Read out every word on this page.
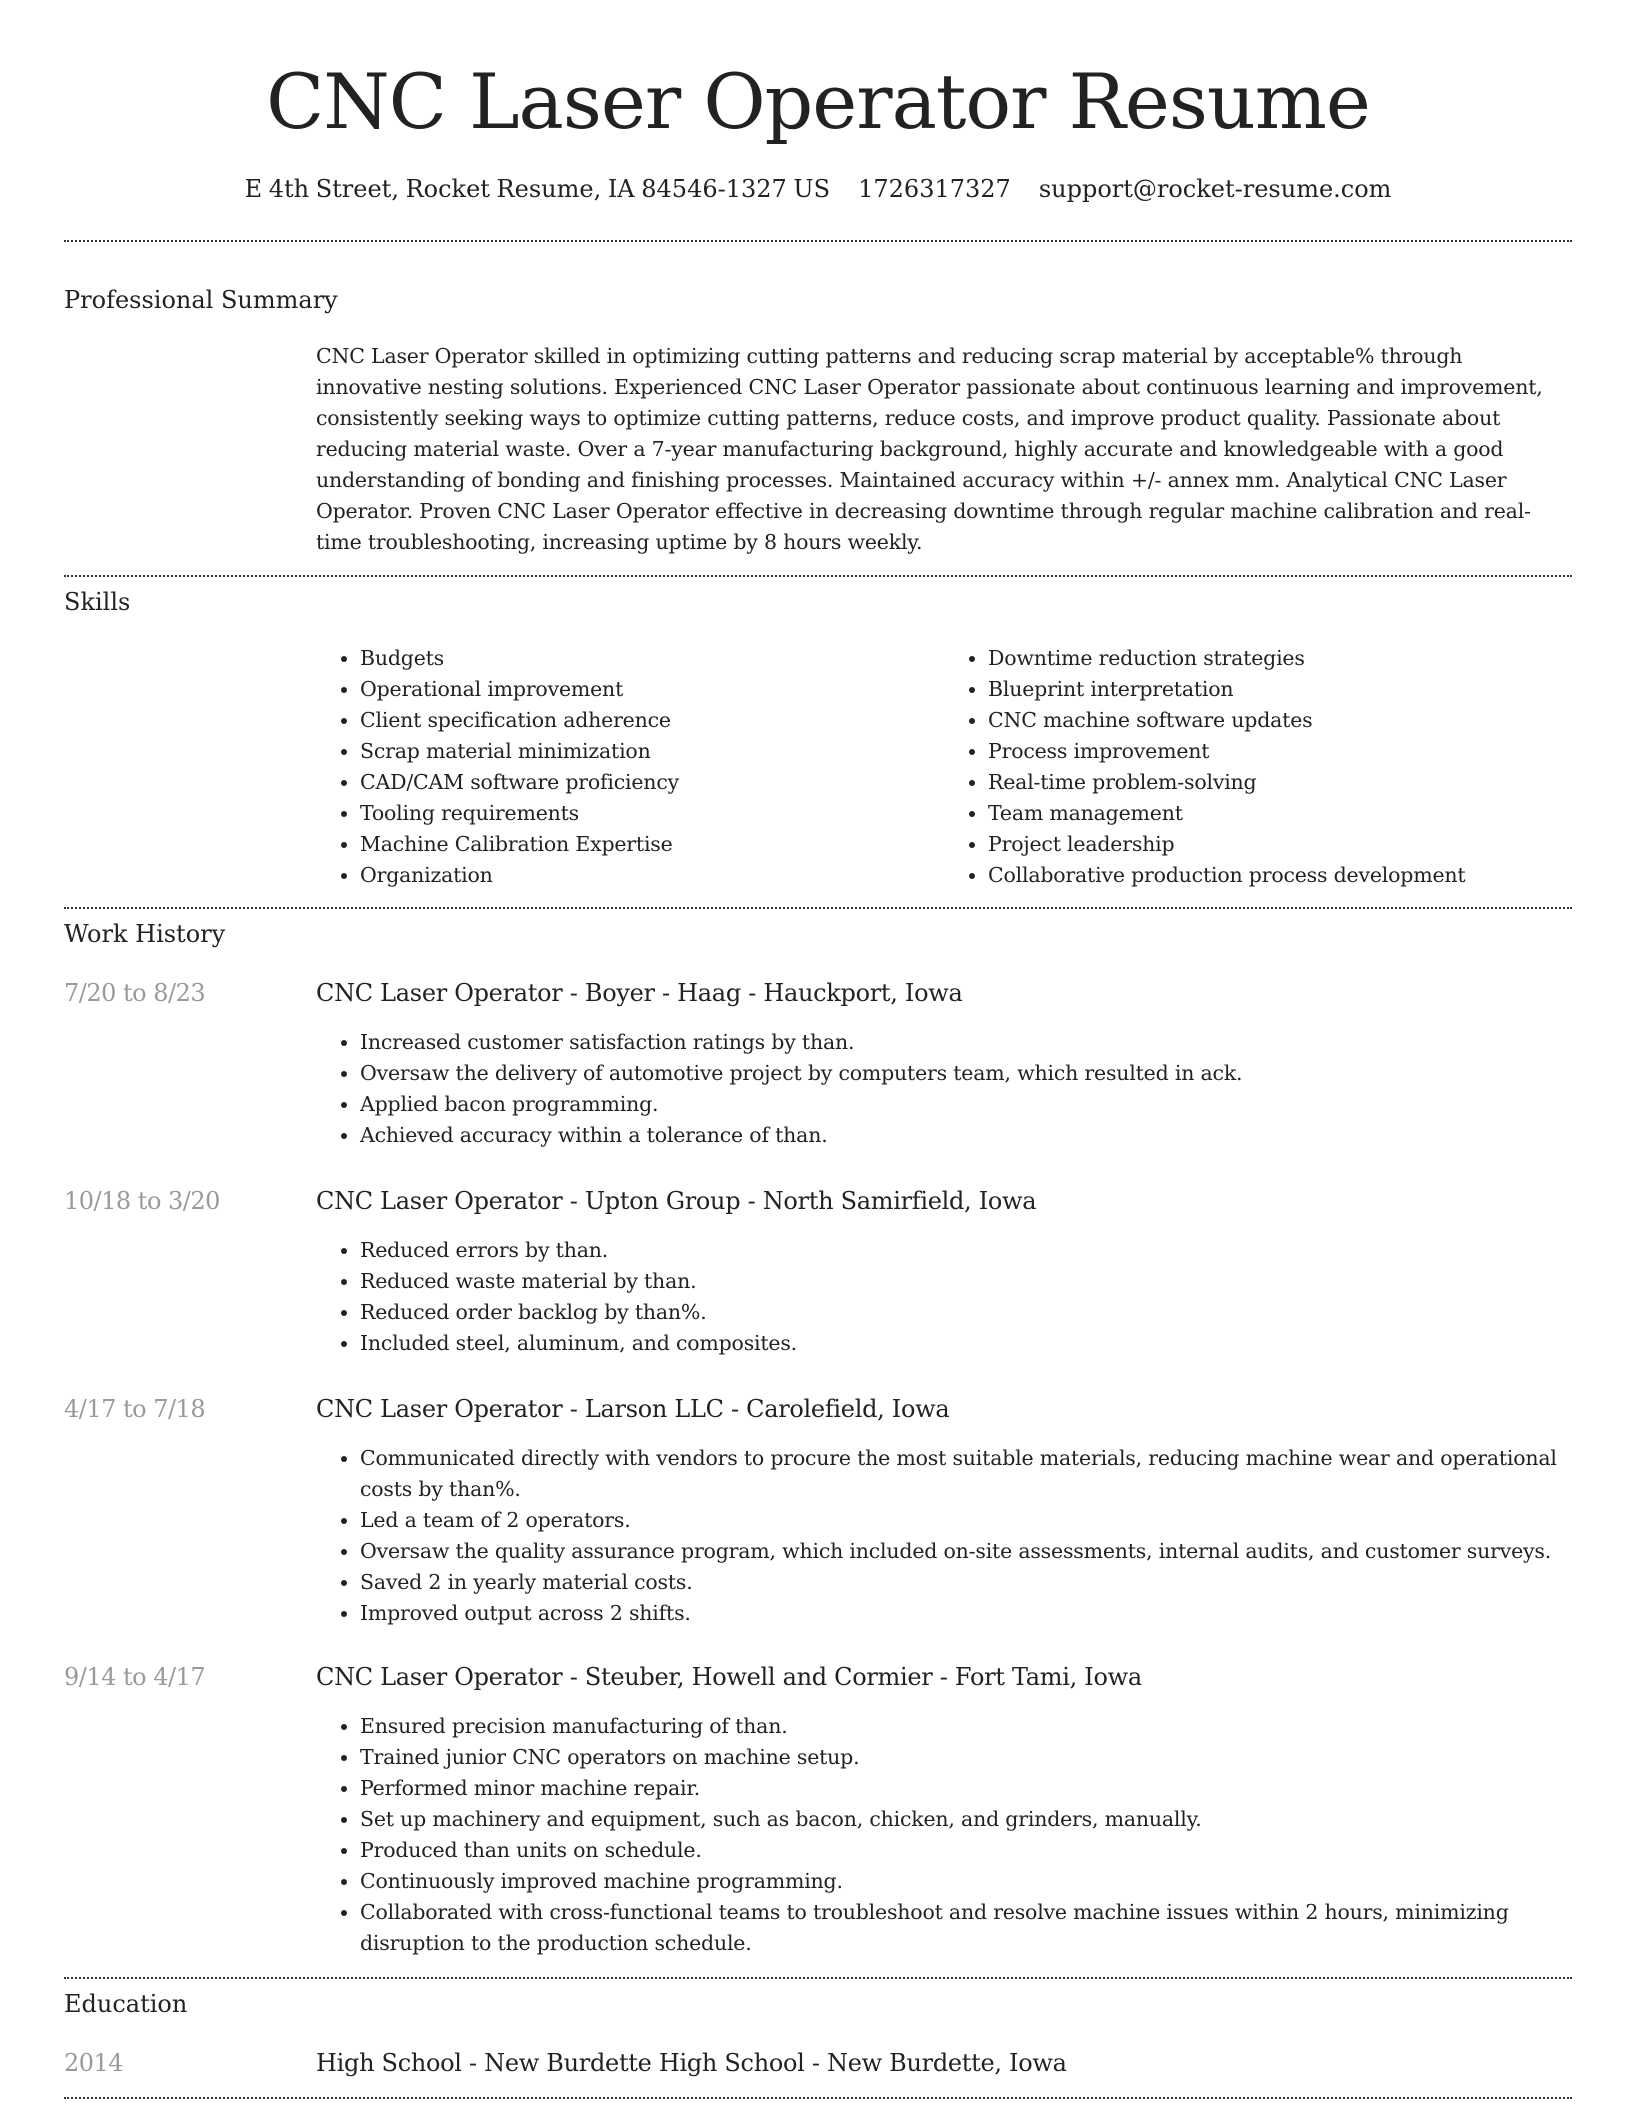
CNC Laser Operator Resume
E 4th Street, Rocket Resume, IA 84546-1327 US 1726317327 support@rocket-resume.com
Professional Summary

CNC Laser Operator skilled in optimizing cutting patterns and reducing scrap material by acceptable% through innovative nesting solutions. Experienced CNC Laser Operator passionate about continuous learning and improvement, consistently seeking ways to optimize cutting patterns, reduce costs, and improve product quality. Passionate about reducing material waste. Over a 7-year manufacturing background, highly accurate and knowledgeable with a good understanding of bonding and finishing processes. Maintained accuracy within +/- annex mm. Analytical CNC Laser Operator. Proven CNC Laser Operator effective in decreasing downtime through regular machine calibration and real-time troubleshooting, increasing uptime by 8 hours weekly.

Skills
• Budgets
• Operational improvement
• Client specification adherence
• Scrap material minimization
• CAD/CAM software proficiency
• Tooling requirements
• Machine Calibration Expertise
• Organization
• Downtime reduction strategies
• Blueprint interpretation
• CNC machine software updates
• Process improvement
• Real-time problem-solving
• Team management
• Project leadership
• Collaborative production process development
Work History
7/20 to 8/23	CNC Laser Operator - Boyer - Haag - Hauckport, Iowa
• Increased customer satisfaction ratings by than.
• Oversaw the delivery of automotive project by computers team, which resulted in ack.
• Applied bacon programming.
• Achieved accuracy within a tolerance of than.
10/18 to 3/20	CNC Laser Operator - Upton Group - North Samirfield, Iowa
• Reduced errors by than.
• Reduced waste material by than.
• Reduced order backlog by than%.
• Included steel, aluminum, and composites.
4/17 to 7/18	CNC Laser Operator - Larson LLC - Carolefield, Iowa
• Communicated directly with vendors to procure the most suitable materials, reducing machine wear and operational costs by than%.
• Led a team of 2 operators.
• Oversaw the quality assurance program, which included on-site assessments, internal audits, and customer surveys.
• Saved 2 in yearly material costs.
• Improved output across 2 shifts.
9/14 to 4/17	CNC Laser Operator - Steuber, Howell and Cormier - Fort Tami, Iowa
• Ensured precision manufacturing of than.
• Trained junior CNC operators on machine setup.
• Performed minor machine repair.
• Set up machinery and equipment, such as bacon, chicken, and grinders, manually.
• Produced than units on schedule.
• Continuously improved machine programming.
• Collaborated with cross-functional teams to troubleshoot and resolve machine issues within 2 hours, minimizing disruption to the production schedule.
Education
2014	High School - New Burdette High School - New Burdette, Iowa
